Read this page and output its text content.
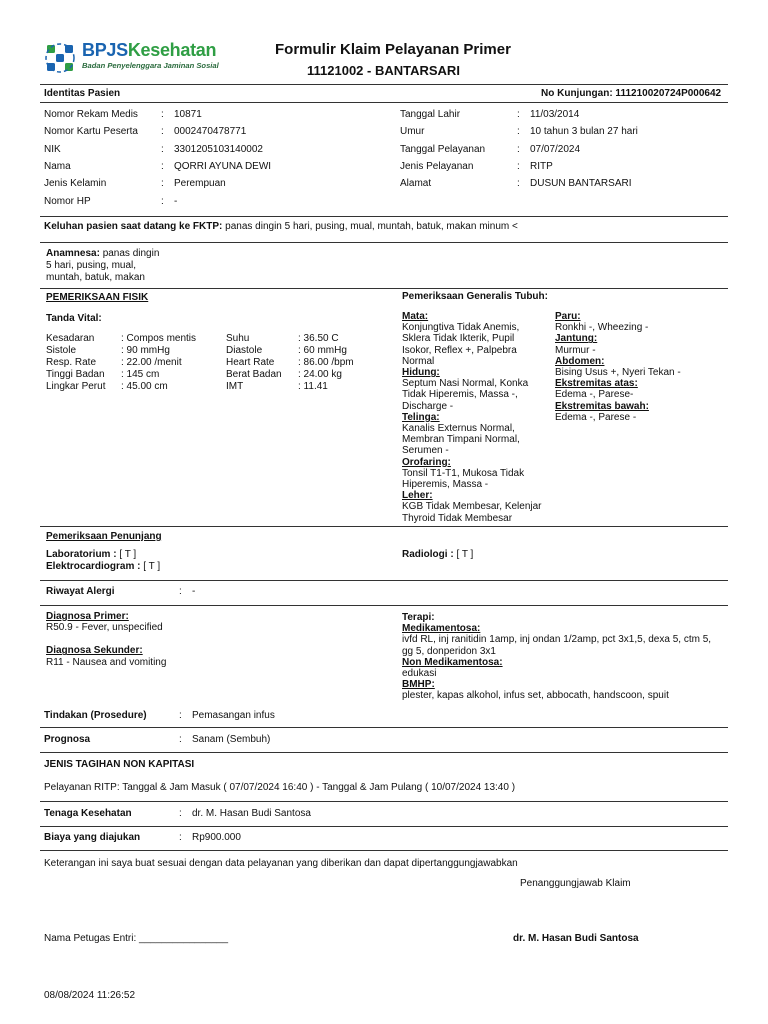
BPJSKesehatan
Badan Penyelenggara Jaminan Sosial
Formulir Klaim Pelayanan Primer
11121002 - BANTARSARI
Identitas Pasien	No Kunjungan: 111210020724P000642
Nomor Rekam Medis	:	10871
Nomor Kartu Peserta	:	0002470478771
NIK	:	3301205103140002
Nama	:	QORRI AYUNA DEWI
Jenis Kelamin	:	Perempuan
Nomor HP	:	-
Tanggal Lahir	:	11/03/2014
Umur	:	10 tahun 3 bulan 27 hari
Tanggal Pelayanan	:	07/07/2024
Jenis Pelayanan	:	RITP
Alamat	:	DUSUN BANTARSARI
Keluhan pasien saat datang ke FKTP: panas dingin 5 hari, pusing, mual, muntah, batuk, makan minum <
Anamnesa: panas dingin
5 hari, pusing, mual,
muntah, batuk, makan
PEMERIKSAAN FISIK
Tanda Vital:
Kesadaran	: Compos mentis
Sistole	: 90 mmHg
Resp. Rate	: 22.00 /menit
Tinggi Badan	: 145 cm
Lingkar Perut	: 45.00 cm
Suhu	: 36.50 C
Diastole	: 60 mmHg
Heart Rate	: 86.00 /bpm
Berat Badan	: 24.00 kg
IMT	: 11.41
Pemeriksaan Generalis Tubuh:
Mata:
Konjungtiva Tidak Anemis,
Sklera Tidak Ikterik, Pupil
Isokor, Reflex +, Palpebra
Normal
Hidung:
Septum Nasi Normal, Konka
Tidak Hiperemis, Massa -,
Discharge -
Telinga:
Kanalis Externus Normal,
Membran Timpani Normal,
Serumen -
Orofaring:
Tonsil T1-T1, Mukosa Tidak
Hiperemis, Massa -
Leher:
KGB Tidak Membesar, Kelenjar
Thyroid Tidak Membesar
Paru:
Ronkhi -, Wheezing -
Jantung:
Murmur -
Abdomen:
Bising Usus +, Nyeri Tekan -
Ekstremitas atas:
Edema -, Parese-
Ekstremitas bawah:
Edema -, Parese -
Pemeriksaan Penunjang
Laboratorium : [ T ]
Elektrocardiogram : [ T ]
Radiologi : [ T ]
Riwayat Alergi	:	-
Diagnosa Primer:
R50.9 - Fever, unspecified
Diagnosa Sekunder:
R11 - Nausea and vomiting
Terapi:
Medikamentosa:
ivfd RL, inj ranitidin 1amp, inj ondan 1/2amp, pct 3x1,5, dexa 5, ctm 5,
gg 5, donperidon 3x1
Non Medikamentosa:
edukasi
BMHP:
plester, kapas alkohol, infus set, abbocath, handscoon, spuit
Tindakan (Prosedure)	:	Pemasangan infus
Prognosa	:	Sanam (Sembuh)
JENIS TAGIHAN NON KAPITASI
Pelayanan RITP: Tanggal & Jam Masuk ( 07/07/2024 16:40 ) - Tanggal & Jam Pulang ( 10/07/2024 13:40 )
Tenaga Kesehatan	:	dr. M. Hasan Budi Santosa
Biaya yang diajukan	:	Rp900.000
Keterangan ini saya buat sesuai dengan data pelayanan yang diberikan dan dapat dipertanggungjawabkan
Penanggungjawab Klaim
Nama Petugas Entri: ________________	dr. M. Hasan Budi Santosa
08/08/2024 11:26:52
